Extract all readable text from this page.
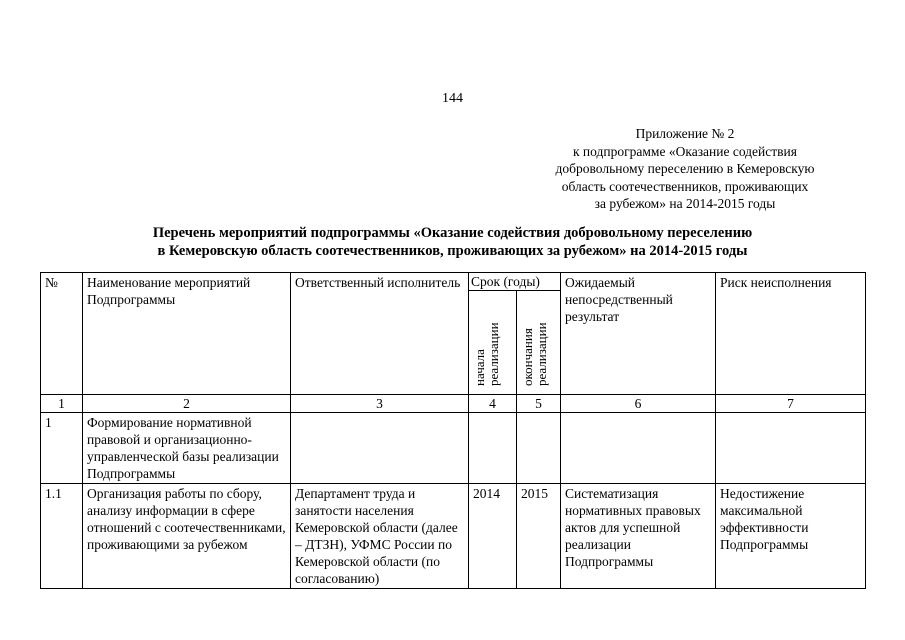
144
Приложение № 2
к подпрограмме «Оказание содействия
добровольному переселению в Кемеровскую
область соотечественников, проживающих
за рубежом» на 2014-2015 годы
Перечень мероприятий подпрограммы «Оказание содействия добровольному переселению
в Кемеровскую область соотечественников, проживающих за рубежом» на 2014-2015 годы
№	Наименование мероприятий Подпрограммы	Ответственный исполнитель	Срок (годы)		Ожидаемый непосредственный результат	Риск неисполнения
			начала реализации	окончания реализации		
1	2	3	4	5	6	7
1	Формирование нормативной правовой и организационно-управленческой базы реализации Подпрограммы					
1.1	Организация работы по сбору, анализу информации в сфере отношений с соотечественниками, проживающими за рубежом	Департамент труда и занятости населения Кемеровской области (далее – ДТЗН), УФМС России по Кемеровской области (по согласованию)	2014	2015	Систематизация нормативных правовых актов для успешной реализации Подпрограммы	Недостижение максимальной эффективности Подпрограммы
